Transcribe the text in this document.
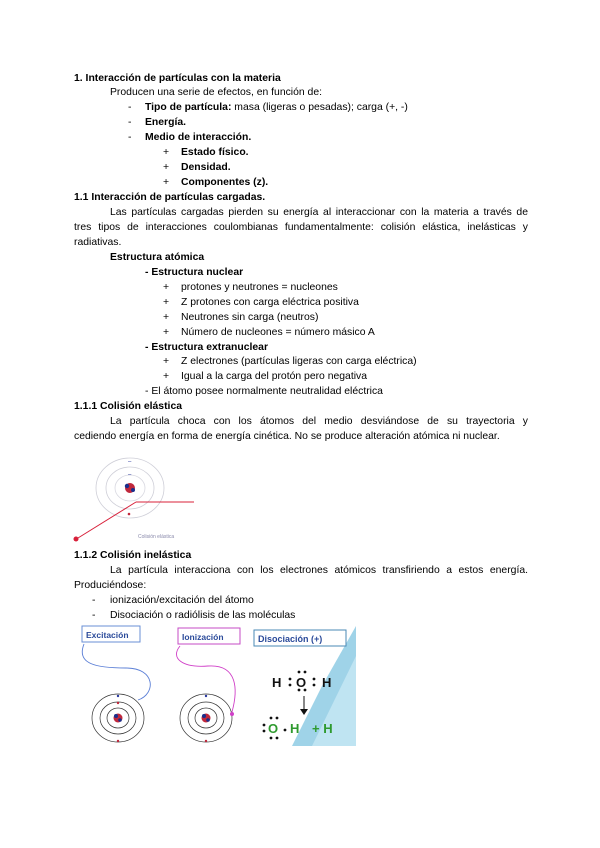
1. Interacción de partículas con la materia
Producen una serie de efectos, en función de:
- Tipo de partícula: masa (ligeras o pesadas); carga (+, -)
- Energía.
- Medio de interacción.
+ Estado físico.
+ Densidad.
+ Componentes (z).
1.1 Interacción de partículas cargadas.
Las partículas cargadas pierden su energía al interaccionar con la materia a través de
tres tipos de interacciones coulombianas fundamentalmente: colisión elástica, inelásticas y
radiativas.
Estructura atómica
- Estructura nuclear
+ protones y neutrones = nucleones
+ Z protones con carga eléctrica positiva
+ Neutrones sin carga (neutros)
+ Número de nucleones = número másico A
- Estructura extranuclear
+ Z electrones (partículas ligeras con carga eléctrica)
+ Igual a la carga del protón pero negativa
- El átomo posee normalmente neutralidad eléctrica
1.1.1 Colisión elástica
La partícula choca con los átomos del medio desviándose de su trayectoria y
cediendo energía en forma de energía cinética. No se produce alteración atómica ni nuclear.
–
–
Colisión elástica
1.1.2 Colisión inelástica
La partícula interacciona con los electrones atómicos transfiriendo a estos energía.
Produciéndose:
- ionización/excitación del átomo
- Disociación o radiólisis de las moléculas
Excitación	Ionización	Disociación (+)
H O H
O H + H
